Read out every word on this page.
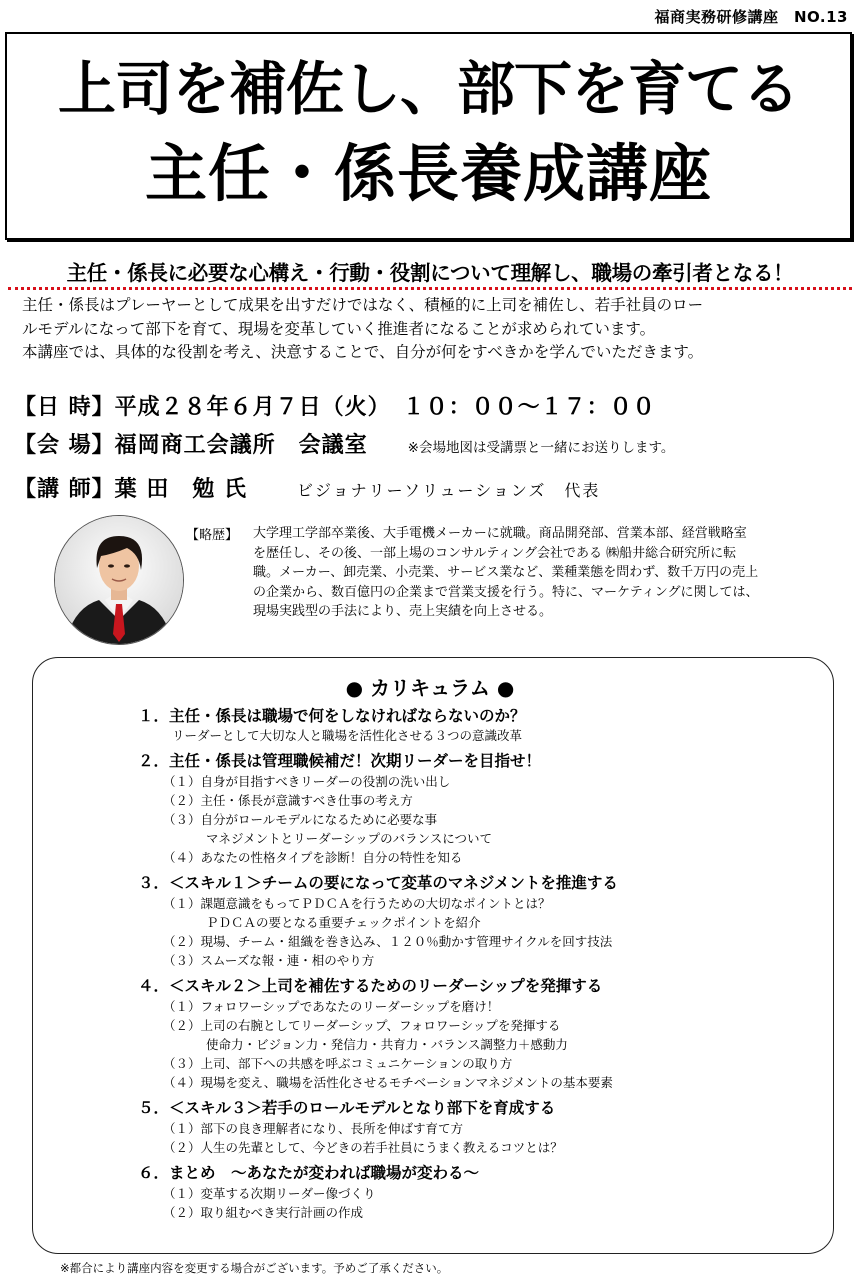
福商実務研修講座　NO.13
上司を補佐し、部下を育てる
主任・係長養成講座
主任・係長に必要な心構え・行動・役割について理解し、職場の牽引者となる！
主任・係長はプレーヤーとして成果を出すだけではなく、積極的に上司を補佐し、若手社員のロー
ルモデルになって部下を育て、現場を変革していく推進者になることが求められています。
本講座では、具体的な役割を考え、決意することで、自分が何をすべきかを学んでいただきます。
【日 時】平成２８年６月７日（火）　１０：００～１７：００
【会 場】福岡商工会議所　会議室	※会場地図は受講票と一緒にお送りします。
【講 師】葉 田　勉 氏	ビジョナリーソリューションズ　代表
【略歴】 大学理工学部卒業後、大手電機メーカーに就職。商品開発部、営業本部、経営戦略室
を歴任し、その後、一部上場のコンサルティング会社である ㈱船井総合研究所に転
職。メーカー、卸売業、小売業、サービス業など、業種業態を問わず、数千万円の売上
の企業から、数百億円の企業まで営業支援を行う。特に、マーケティングに関しては、
現場実践型の手法により、売上実績を向上させる。
● カリキュラム ●
１．主任・係長は職場で何をしなければならないのか？
リーダーとして大切な人と職場を活性化させる３つの意識改革
２．主任・係長は管理職候補だ！次期リーダーを目指せ！
（１）自身が目指すべきリーダーの役割の洗い出し
（２）主任・係長が意識すべき仕事の考え方
（３）自分がロールモデルになるために必要な事
マネジメントとリーダーシップのバランスについて
（４）あなたの性格タイプを診断！自分の特性を知る
３．＜スキル１＞チームの要になって変革のマネジメントを推進する
（１）課題意識をもってＰＤＣＡを行うための大切なポイントとは？
ＰＤＣＡの要となる重要チェックポイントを紹介
（２）現場、チーム・組織を巻き込み、１２０％動かす管理サイクルを回す技法
（３）スムーズな報・連・相のやり方
４．＜スキル２＞上司を補佐するためのリーダーシップを発揮する
（１）フォロワーシップであなたのリーダーシップを磨け！
（２）上司の右腕としてリーダーシップ、フォロワーシップを発揮する
使命力・ビジョン力・発信力・共育力・バランス調整力＋感動力
（３）上司、部下への共感を呼ぶコミュニケーションの取り方
（４）現場を変え、職場を活性化させるモチベーションマネジメントの基本要素
５．＜スキル３＞若手のロールモデルとなり部下を育成する
（１）部下の良き理解者になり、長所を伸ばす育て方
（２）人生の先輩として、今どきの若手社員にうまく教えるコツとは？
６．まとめ　～あなたが変われば職場が変わる～
（１）変革する次期リーダー像づくり
（２）取り組むべき実行計画の作成
※都合により講座内容を変更する場合がございます。予めご了承ください。
